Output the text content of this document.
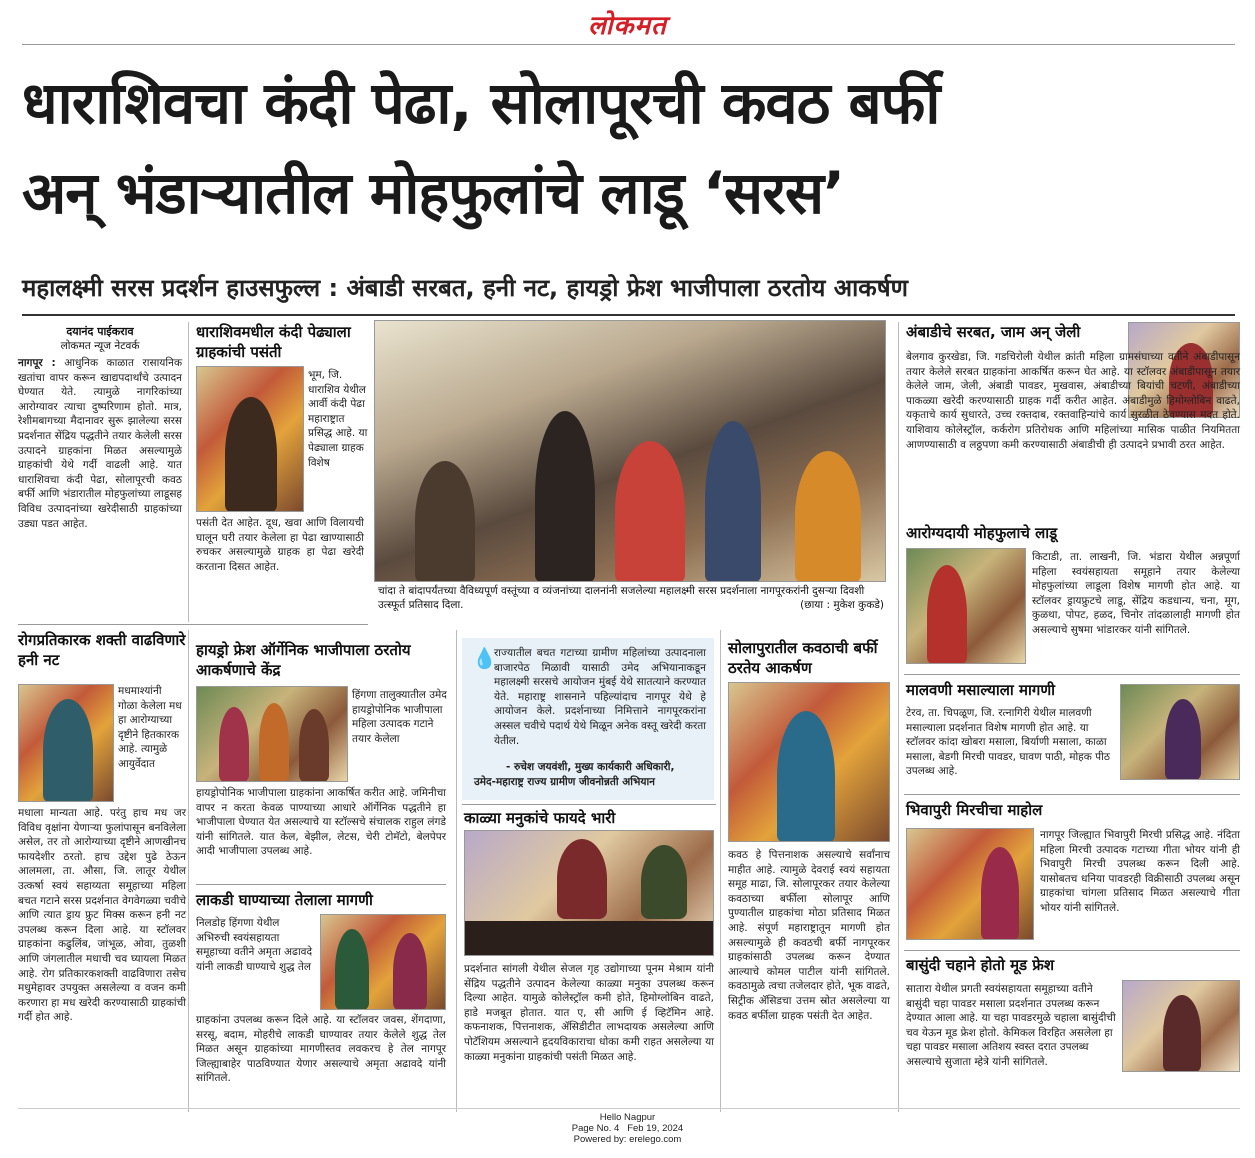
लोकमत
धाराशिवचा कंदी पेढा, सोलापूरची कवठ बर्फी
अन् भंडाऱ्यातील मोहफुलांचे लाडू ‘सरस’
महालक्ष्मी सरस प्रदर्शन हाउसफुल्ल : अंबाडी सरबत, हनी नट, हायड्रो फ्रेश भाजीपाला ठरतोय आकर्षण
दयानंद पाईकराव
लोकमत न्यूज नेटवर्क
नागपूर : आधुनिक काळात रासायनिक खतांचा वापर करून खाद्यपदार्थांचे उत्पादन घेण्यात येते. त्यामुळे नागरिकांच्या आरोग्यावर त्याचा दुष्परिणाम होतो. मात्र, रेशीमबागच्या मैदानावर सुरू झालेल्या सरस प्रदर्शनात सेंद्रिय पद्धतीने तयार केलेली सरस उत्पादने ग्राहकांना मिळत असल्यामुळे ग्राहकांची येथे गर्दी वाढली आहे. यात धाराशिवचा कंदी पेढा, सोलापूरची कवठ बर्फी आणि भंडारातील मोहफुलांच्या लाडूसह विविध उत्पादनांच्या खरेदीसाठी ग्राहकांच्या उड्या पडत आहेत.
धाराशिवमधील कंदी पेढ्याला ग्राहकांची पसंती
भूम, जि. धाराशिव येथील आर्वी कंदी पेढा महाराष्ट्रात प्रसिद्ध आहे. या पेढ्याला ग्राहक विशेष
पसंती देत आहेत. दूध, खवा आणि विलायची घालून घरी तयार केलेला हा पेढा खाण्यासाठी रुचकर असल्यामुळे ग्राहक हा पेढा खरेदी करताना दिसत आहेत.
चांदा ते बांदापर्यंतच्या वैविध्यपूर्ण वस्तूंच्या व व्यंजनांच्या दालनांनी सजलेल्या महालक्ष्मी सरस प्रदर्शनाला नागपूरकरांनी दुसऱ्या दिवशी उत्स्फूर्त प्रतिसाद दिला.	(छाया : मुकेश कुकडे)
अंबाडीचे सरबत, जाम अन् जेली
बेलगाव कुरखेडा, जि. गडचिरोली येथील क्रांती महिला ग्रामसंघाच्या वतीने अंबाडीपासून तयार केलेले सरबत ग्राहकांना आकर्षित करून घेत आहे. या स्टॉलवर अंबाडीपासून तयार केलेले जाम, जेली, अंबाडी पावडर, मुखवास, अंबाडीच्या बियांची चटणी, अंबाडीच्या पाकळ्या खरेदी करण्यासाठी ग्राहक गर्दी करीत आहेत. अंबाडीमुळे हिमोग्लोबिन वाढते, यकृताचे कार्य सुधारते, उच्च रक्तदाब, रक्तवाहिन्यांचे कार्य सुरळीत ठेवण्यास मदत होते. याशिवाय कोलेस्ट्रॉल, कर्करोग प्रतिरोधक आणि महिलांच्या मासिक पाळीत नियमितता आणण्यासाठी व लठ्ठपणा कमी करण्यासाठी अंबाडीची ही उत्पादने प्रभावी ठरत आहेत.
आरोग्यदायी मोहफुलाचे लाडू
किटाडी, ता. लाखनी, जि. भंडारा येथील अन्नपूर्णा महिला स्वयंसहायता समूहाने तयार केलेल्या मोहफुलांच्या लाडूला विशेष मागणी होत आहे. या स्टॉलवर ड्रायफ्रुटचे लाडू, सेंद्रिय कडधान्य, चना, मूग, कुळथा, पोपट, हळद, चिनोर तांदळालाही मागणी होत असल्याचे सुषमा भांडारकर यांनी सांगितले.
रोगप्रतिकारक शक्ती वाढविणारे हनी नट
मधमाश्यांनी गोळा केलेला मध हा आरोग्याच्या दृष्टीने हितकारक आहे. त्यामुळे आयुर्वेदात
मधाला मान्यता आहे. परंतु हाच मध जर विविध वृक्षांना येणाऱ्या फुलांपासून बनविलेला असेल, तर तो आरोग्याच्या दृष्टीने आणखीनच फायदेशीर ठरतो. हाच उद्देश पुढे ठेऊन आलमला, ता. औसा, जि. लातूर येथील उत्कर्षा स्वयं सहाय्यता समूहाच्या महिला बचत गटाने सरस प्रदर्शनात वेगवेगळ्या चवीचे आणि त्यात ड्राय फ्रुट मिक्स करून हनी नट उपलब्ध करून दिला आहे. या स्टॉलवर ग्राहकांना कढुलिंब, जांभूळ, ओवा, तुळशी आणि जंगलातील मधाची चव घ्यायला मिळत आहे. रोग प्रतिकारकशक्ती वाढविणारा तसेच मधुमेहावर उपयुक्त असलेल्या व वजन कमी करणारा हा मध खरेदी करण्यासाठी ग्राहकांची गर्दी होत आहे.
हायड्रो फ्रेश ऑर्गेनिक भाजीपाला ठरतोय आकर्षणाचे केंद्र
हिंगणा तालुक्यातील उमेद हायड्रोपोनिक भाजीपाला महिला उत्पादक गटाने तयार केलेला
हायड्रोपोनिक भाजीपाला ग्राहकांना आकर्षित करीत आहे. जमिनीचा वापर न करता केवळ पाण्याच्या आधारे ऑर्गेनिक पद्धतीने हा भाजीपाला घेण्यात येत असल्याचे या स्टॉल्सचे संचालक राहुल लंगडे यांनी सांगितले. यात केल, बेझील, लेटस, चेरी टोमॅटो, बेलपेपर आदी भाजीपाला उपलब्ध आहे.
लाकडी घाण्याच्या तेलाला मागणी
निलडोह हिंगणा येथील अभिरुची स्वयंसहायता समूहाच्या वतीने अमृता अढावदे यांनी लाकडी घाण्याचे शुद्ध तेल
ग्राहकांना उपलब्ध करून दिले आहे. या स्टॉलवर जवस, शेंगदाणा, सरसू, बदाम, मोहरीचे लाकडी घाण्यावर तयार केलेले शुद्ध तेल मिळत असून ग्राहकांच्या मागणीस्तव लवकरच हे तेल नागपूर जिल्ह्याबाहेर पाठविण्यात येणार असल्याचे अमृता अढावदे यांनी सांगितले.
💧
राज्यातील बचत गटाच्या ग्रामीण महिलांच्या उत्पादनाला बाजारपेठ मिळावी यासाठी उमेद अभियानाकडून महालक्ष्मी सरसचे आयोजन मुंबई येथे सातत्याने करण्यात येते. महाराष्ट्र शासनाने पहिल्यांदाच नागपूर येथे हे आयोजन केले. प्रदर्शनाच्या निमित्ताने नागपूरकरांना अस्सल चवीचे पदार्थ येथे मिळून अनेक वस्तू खरेदी करता येतील.
- रुचेश जयवंशी, मुख्य कार्यकारी अधिकारी,
उमेद-महाराष्ट्र राज्य ग्रामीण जीवनोन्नती अभियान
काळ्या मनुकांचे फायदे भारी
प्रदर्शनात सांगली येथील सेजल गृह उद्योगाच्या पूनम मेश्राम यांनी सेंद्रिय पद्धतीने उत्पादन केलेल्या काळ्या मनुका उपलब्ध करून दिल्या आहेत. यामुळे कोलेस्ट्रॉल कमी होते, हिमोग्लोबिन वाढते, हाडे मजबूत होतात. यात ए, सी आणि ई व्हिटॅमिन आहे. कफनाशक, पित्तनाशक, ॲसिडीटीत लाभदायक असलेल्या आणि पोटॅशियम असल्याने हृदयविकाराचा धोका कमी राहत असलेल्या या काळ्या मनुकांना ग्राहकांची पसंती मिळत आहे.
सोलापुरातील कवठाची बर्फी ठरतेय आकर्षण
कवठ हे पित्तनाशक असल्याचे सर्वांनाच माहीत आहे. त्यामुळे देवराई स्वयं सहायता समूह माढा, जि. सोलापूरकर तयार केलेल्या कवठाच्या बर्फीला सोलापूर आणि पुण्यातील ग्राहकांचा मोठा प्रतिसाद मिळत आहे. संपूर्ण महाराष्ट्रातून मागणी होत असल्यामुळे ही कवठची बर्फी नागपूरकर ग्राहकांसाठी उपलब्ध करून देण्यात आल्याचे कोमल पाटील यांनी सांगितले. कवठामुळे त्वचा तजेलदार होते, भूक वाढते, सिट्रीक ॲसिडचा उत्तम स्रोत असलेल्या या कवठ बर्फीला ग्राहक पसंती देत आहेत.
मालवणी मसाल्याला मागणी
टेरव, ता. चिपळूण, जि. रत्नागिरी येथील मालवणी मसाल्याला प्रदर्शनात विशेष मागणी होत आहे. या स्टॉलवर कांदा खोबरा मसाला, बिर्याणी मसाला, काळा मसाला, बेडगी मिरची पावडर, घावण पाठी, मोहक पीठ उपलब्ध आहे.
भिवापुरी मिरचीचा माहोल
नागपूर जिल्ह्यात भिवापुरी मिरची प्रसिद्ध आहे. नंदिता महिला मिरची उत्पादक गटाच्या गीता भोयर यांनी ही भिवापुरी मिरची उपलब्ध करून दिली आहे. यासोबतच धनिया पावडरही विक्रीसाठी उपलब्ध असून ग्राहकांचा चांगला प्रतिसाद मिळत असल्याचे गीता भोयर यांनी सांगितले.
बासुंदी चहाने होतो मूड फ्रेश
सातारा येथील प्रगती स्वयंसहायता समूहाच्या वतीने बासुंदी चहा पावडर मसाला प्रदर्शनात उपलब्ध करून देण्यात आला आहे. या चहा पावडरमुळे चहाला बासुंदीची चव येऊन मूड फ्रेश होतो. केमिकल विरहित असलेला हा चहा पावडर मसाला अतिशय स्वस्त दरात उपलब्ध असल्याचे सुजाता म्हेत्रे यांनी सांगितले.
Hello Nagpur
Page No. 4   Feb 19, 2024
Powered by: erelego.com
